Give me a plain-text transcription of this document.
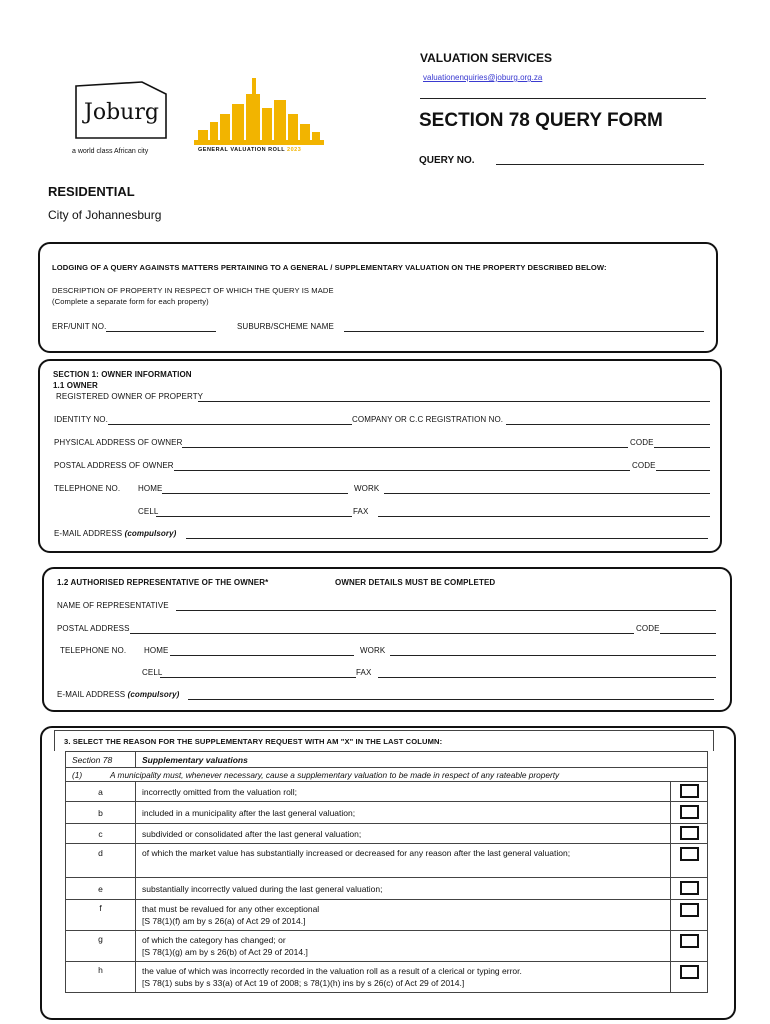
Joburg
a world class African city	GENERAL VALUATION ROLL 2023
VALUATION SERVICES
valuationenquiries@joburg.org.za
SECTION 78 QUERY FORM
QUERY NO.
RESIDENTIAL
City of Johannesburg
LODGING OF A QUERY AGAINSTS MATTERS PERTAINING TO A GENERAL / SUPPLEMENTARY VALUATION ON THE PROPERTY DESCRIBED BELOW:
DESCRIPTION OF PROPERTY IN RESPECT OF WHICH THE QUERY IS MADE
(Complete a separate form for each property)
ERF/UNIT NO.	SUBURB/SCHEME NAME
SECTION 1: OWNER INFORMATION
1.1 OWNER
REGISTERED OWNER OF PROPERTY
IDENTITY NO.	COMPANY OR C.C REGISTRATION NO.
PHYSICAL ADDRESS OF OWNER	CODE
POSTAL ADDRESS OF OWNER	CODE
TELEPHONE NO. HOME	WORK
CELL	FAX
E-MAIL ADDRESS (compulsory)
1.2 AUTHORISED REPRESENTATIVE OF THE OWNER*	OWNER DETAILS MUST BE COMPLETED
NAME OF REPRESENTATIVE
POSTAL ADDRESS	CODE
TELEPHONE NO. HOME	WORK
CELL	FAX
E-MAIL ADDRESS (compulsory)
3. SELECT THE REASON FOR THE SUPPLEMENTARY REQUEST WITH AM "X" IN THE LAST COLUMN:
Section 78	Supplementary valuations	
(1) A municipality must, whenever necessary, cause a supplementary valuation to be made in respect of any rateable property		
a	incorrectly omitted from the valuation roll;	
b	included in a municipality after the last general valuation;	
c	subdivided or consolidated after the last general valuation;	
d	of which the market value has substantially increased or decreased for any reason after the last general valuation;	
e	substantially incorrectly valued during the last general valuation;	
f	that must be revalued for any other exceptional
[S 78(1)(f) am by s 26(a) of Act 29 of 2014.]	

g	of which the category has changed; or
[S 78(1)(g) am by s 26(b) of Act 29 of 2014.]	

h	the value of which was incorrectly recorded in the valuation roll as a result of a clerical or typing error.
[S 78(1) subs by s 33(a) of Act 19 of 2008; s 78(1)(h) ins by s 26(c) of Act 29 of 2014.]	
